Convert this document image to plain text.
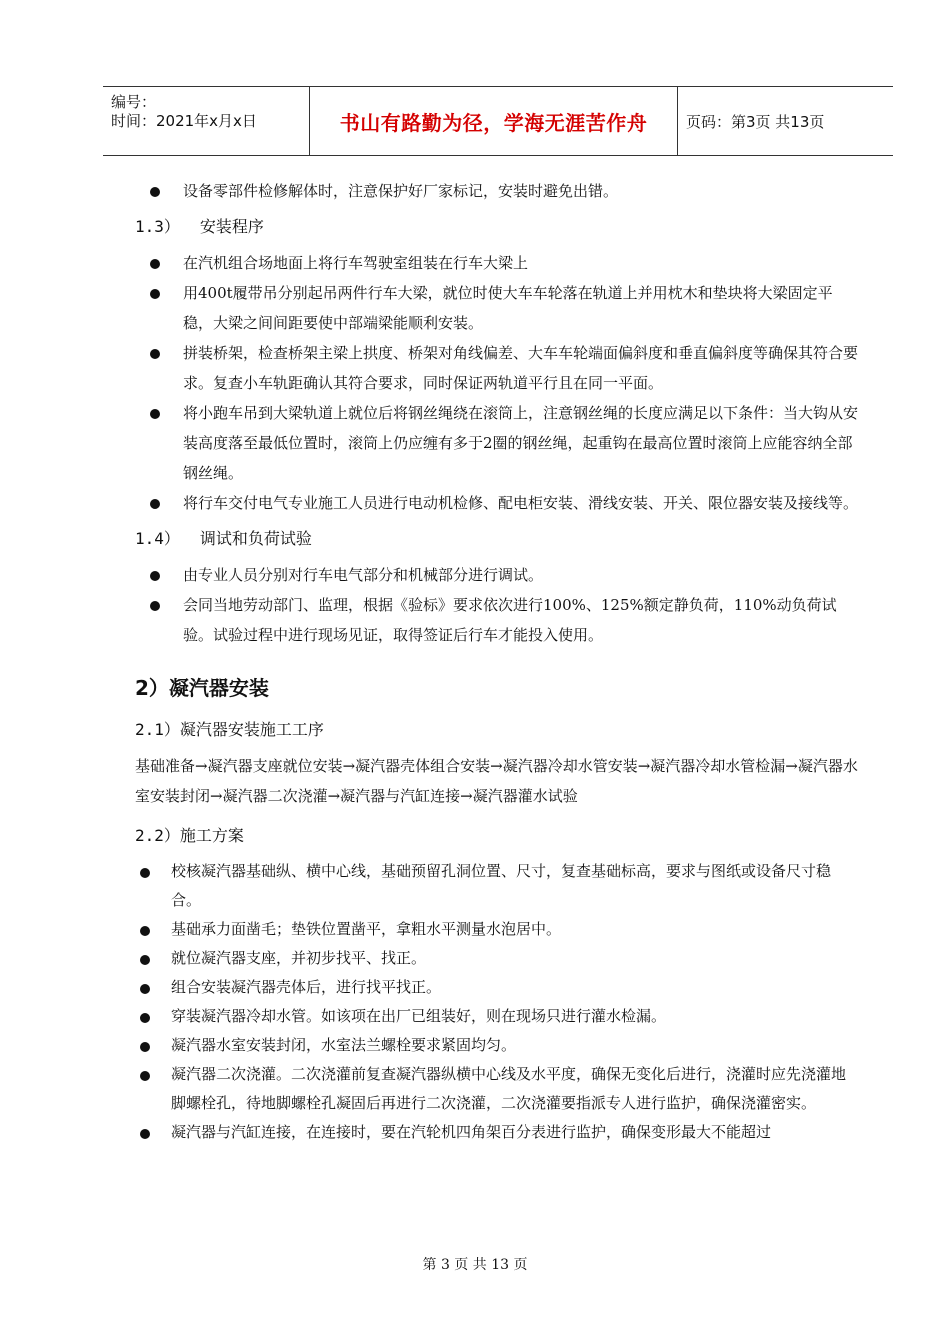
编号：
时间：2021年x月x日	书山有路勤为径，学海无涯苦作舟	页码：第3页 共13页
设备零部件检修解体时，注意保护好厂家标记，安装时避免出错。
1.3） 安装程序
在汽机组合场地面上将行车驾驶室组装在行车大梁上
用400t履带吊分别起吊两件行车大梁，就位时使大车车轮落在轨道上并用枕木和垫块将大梁固定平稳，大梁之间间距要使中部端梁能顺利安装。
拼装桥架，检查桥架主梁上拱度、桥架对角线偏差、大车车轮端面偏斜度和垂直偏斜度等确保其符合要求。复查小车轨距确认其符合要求，同时保证两轨道平行且在同一平面。
将小跑车吊到大梁轨道上就位后将钢丝绳绕在滚筒上，注意钢丝绳的长度应满足以下条件：当大钩从安装高度落至最低位置时，滚筒上仍应缠有多于2圈的钢丝绳，起重钩在最高位置时滚筒上应能容纳全部钢丝绳。
将行车交付电气专业施工人员进行电动机检修、配电柜安装、滑线安装、开关、限位器安装及接线等。
1.4） 调试和负荷试验
由专业人员分别对行车电气部分和机械部分进行调试。
会同当地劳动部门、监理，根据《验标》要求依次进行100%、125%额定静负荷，110%动负荷试验。试验过程中进行现场见证，取得签证后行车才能投入使用。
2）凝汽器安装
2.1）凝汽器安装施工工序

基础准备→凝汽器支座就位安装→凝汽器壳体组合安装→凝汽器冷却水管安装→凝汽器冷却水管检漏→凝汽器水室安装封闭→凝汽器二次浇灌→凝汽器与汽缸连接→凝汽器灌水试验

2.2）施工方案
校核凝汽器基础纵、横中心线，基础预留孔洞位置、尺寸，复查基础标高，要求与图纸或设备尺寸稳合。
基础承力面凿毛；垫铁位置凿平，拿粗水平测量水泡居中。
就位凝汽器支座，并初步找平、找正。
组合安装凝汽器壳体后，进行找平找正。
穿装凝汽器冷却水管。如该项在出厂已组装好，则在现场只进行灌水检漏。
凝汽器水室安装封闭，水室法兰螺栓要求紧固均匀。
凝汽器二次浇灌。二次浇灌前复查凝汽器纵横中心线及水平度，确保无变化后进行，浇灌时应先浇灌地脚螺栓孔，待地脚螺栓孔凝固后再进行二次浇灌，二次浇灌要指派专人进行监护，确保浇灌密实。
凝汽器与汽缸连接，在连接时，要在汽轮机四角架百分表进行监护，确保变形最大不能超过
第 3 页 共 13 页
